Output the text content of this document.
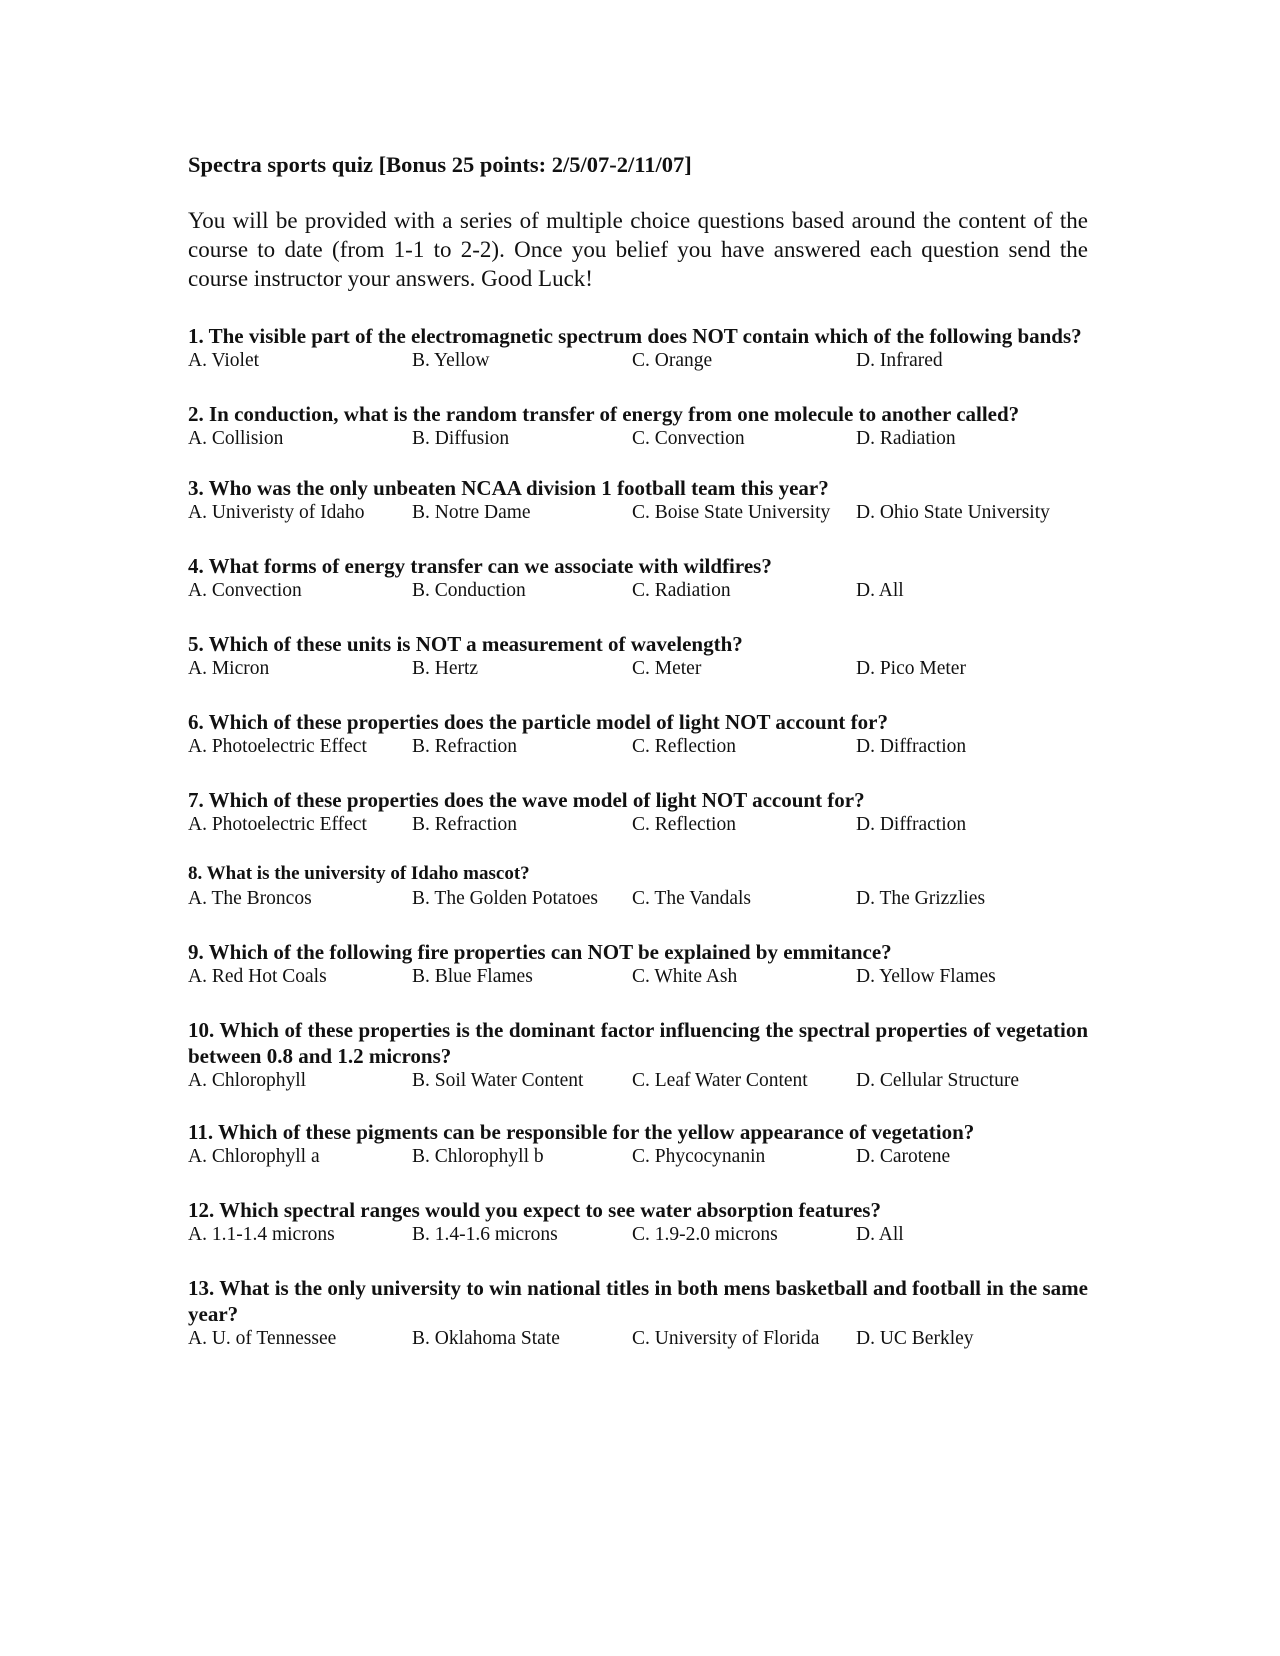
Spectra sports quiz [Bonus 25 points: 2/5/07-2/11/07]
You will be provided with a series of multiple choice questions based around the content of the course to date (from 1-1 to 2-2). Once you belief you have answered each question send the course instructor your answers. Good Luck!
1. The visible part of the electromagnetic spectrum does NOT contain which of the following bands?
A. Violet	B. Yellow	C. Orange	D. Infrared
2. In conduction, what is the random transfer of energy from one molecule to another called?
A. Collision	B. Diffusion	C. Convection	D. Radiation
3. Who was the only unbeaten NCAA division 1 football team this year?
A. Univeristy of Idaho	B. Notre Dame	C. Boise State University	D. Ohio State University
4. What forms of energy transfer can we associate with wildfires?
A. Convection	B. Conduction	C. Radiation	D. All
5. Which of these units is NOT a measurement of wavelength?
A. Micron	B. Hertz	C. Meter	D. Pico Meter
6. Which of these properties does the particle model of light NOT account for?
A. Photoelectric Effect	B. Refraction	C. Reflection	D. Diffraction
7. Which of these properties does the wave model of light NOT account for?
A. Photoelectric Effect	B. Refraction	C. Reflection	D. Diffraction
8. What is the university of Idaho mascot?
A. The Broncos	B. The Golden Potatoes	C. The Vandals	D. The Grizzlies
9. Which of the following fire properties can NOT be explained by emmitance?
A. Red Hot Coals	B. Blue Flames	C. White Ash	D. Yellow Flames
10. Which of these properties is the dominant factor influencing the spectral properties of vegetation between 0.8 and 1.2 microns?
A. Chlorophyll	B. Soil Water Content	C. Leaf Water Content	D. Cellular Structure
11. Which of these pigments can be responsible for the yellow appearance of vegetation?
A. Chlorophyll a	B. Chlorophyll b	C. Phycocynanin	D. Carotene
12. Which spectral ranges would you expect to see water absorption features?
A. 1.1-1.4 microns	B. 1.4-1.6 microns	C. 1.9-2.0 microns	D. All
13. What is the only university to win national titles in both mens basketball and football in the same year?
A. U. of Tennessee	B. Oklahoma State	C. University of Florida	D. UC Berkley
